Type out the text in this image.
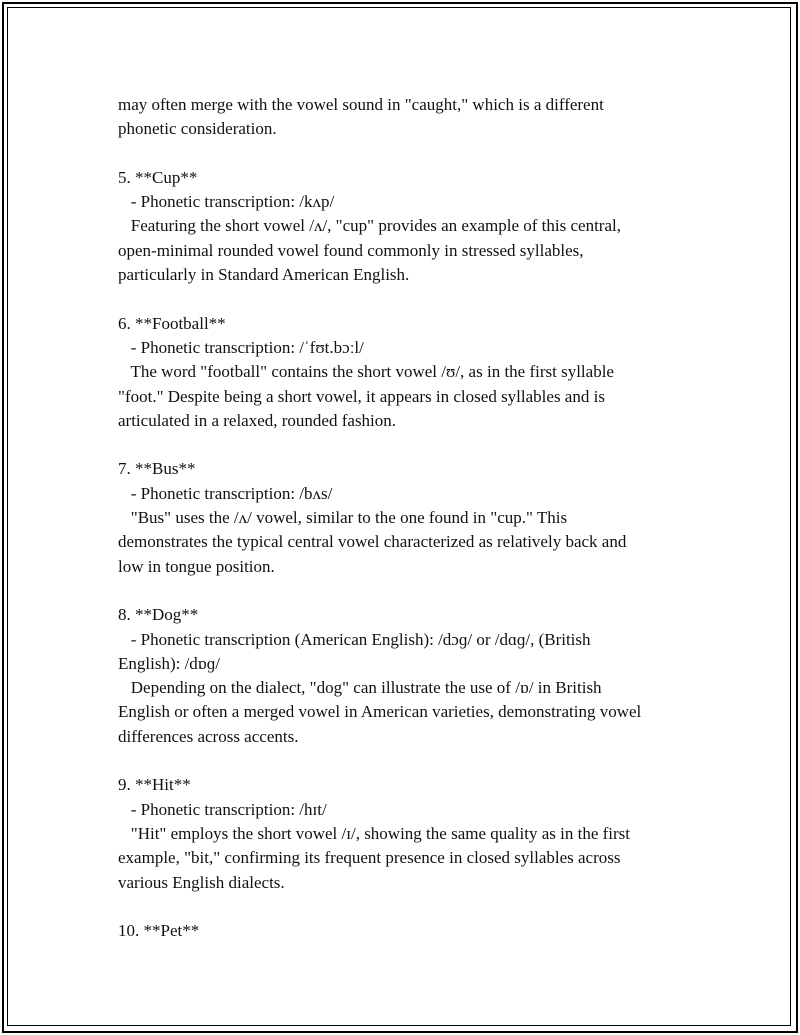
may often merge with the vowel sound in "caught," which is a different
phonetic consideration.
5. **Cup**
- Phonetic transcription: /kʌp/
Featuring the short vowel /ʌ/, "cup" provides an example of this central,
open-minimal rounded vowel found commonly in stressed syllables,
particularly in Standard American English.
6. **Football**
- Phonetic transcription: /ˈfʊt.bɔːl/
The word "football" contains the short vowel /ʊ/, as in the first syllable
"foot." Despite being a short vowel, it appears in closed syllables and is
articulated in a relaxed, rounded fashion.
7. **Bus**
- Phonetic transcription: /bʌs/
"Bus" uses the /ʌ/ vowel, similar to the one found in "cup." This
demonstrates the typical central vowel characterized as relatively back and
low in tongue position.
8. **Dog**
- Phonetic transcription (American English): /dɔɡ/ or /dɑɡ/, (British
English): /dɒɡ/
Depending on the dialect, "dog" can illustrate the use of /ɒ/ in British
English or often a merged vowel in American varieties, demonstrating vowel
differences across accents.
9. **Hit**
- Phonetic transcription: /hɪt/
"Hit" employs the short vowel /ɪ/, showing the same quality as in the first
example, "bit," confirming its frequent presence in closed syllables across
various English dialects.
10. **Pet**
